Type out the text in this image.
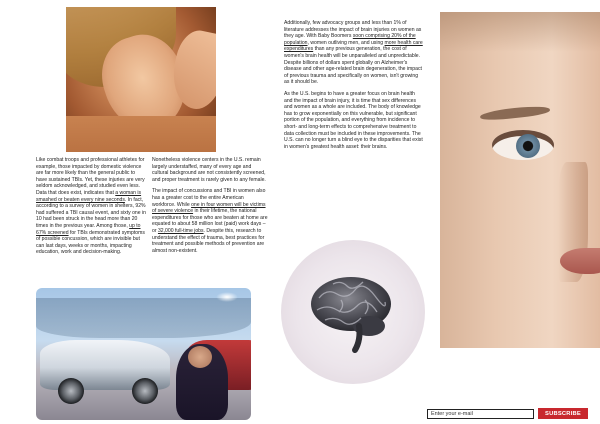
Like combat troops and professional athletes for example, those impacted by domestic violence are far more likely than the general public to have sustained TBIs. Yet, these injuries are very seldom acknowledged, and studied even less. Data that does exist, indicates that a woman is smashed or beaten every nine seconds. In fact, according to a survey of women in shelters, 92% had suffered a TBI causal event, and sixty one in 10 had been struck in the head more than 20 times in the previous year. Among those, up to 67% screened for TBIs demonstrated symptoms of possible concussion, which are invisible but can last days, weeks or months, impacting education, work and decision-making.

Nonetheless violence centers in the U.S. remain largely understaffed, many of every age and cultural background are not consistently screened, and proper treatment is rarely given to any female.

The impact of concussions and TBI in women also has a greater cost to the entire American workforce. While one in four women will be victims of severe violence in their lifetime, the national expenditures for those who are beaten at home are equated to about 58 million lost (paid) work days – or 32,000 full-time jobs. Despite this, research to understand the effect of trauma, best practices for treatment and possible methods of prevention are almost non-existent.

Additionally, few advocacy groups and less than 1% of literature addresses the impact of brain injuries on women as they age. With Baby Boomers soon comprising 20% of the population, women outliving men, and using more health care expenditures than any previous generation, the cost of women's brain health will be unparalleled and unpredictable. Despite billions of dollars spent globally on Alzheimer's disease and other age-related brain degeneration, the impact of previous trauma and specifically on women, isn't growing as it should be.

As the U.S. begins to have a greater focus on brain health and the impact of brain injury, it is time that sex differences and women as a whole are included. The body of knowledge has to grow exponentially on this vulnerable, but significant portion of the population, and everything from incidence to short- and long-term effects to comprehensive treatment to data collection must be included in these improvements. The U.S. can no longer turn a blind eye to the disparities that exist in women's greatest health asset: their brains.

Enter your e-mail
SUBSCRIBE
